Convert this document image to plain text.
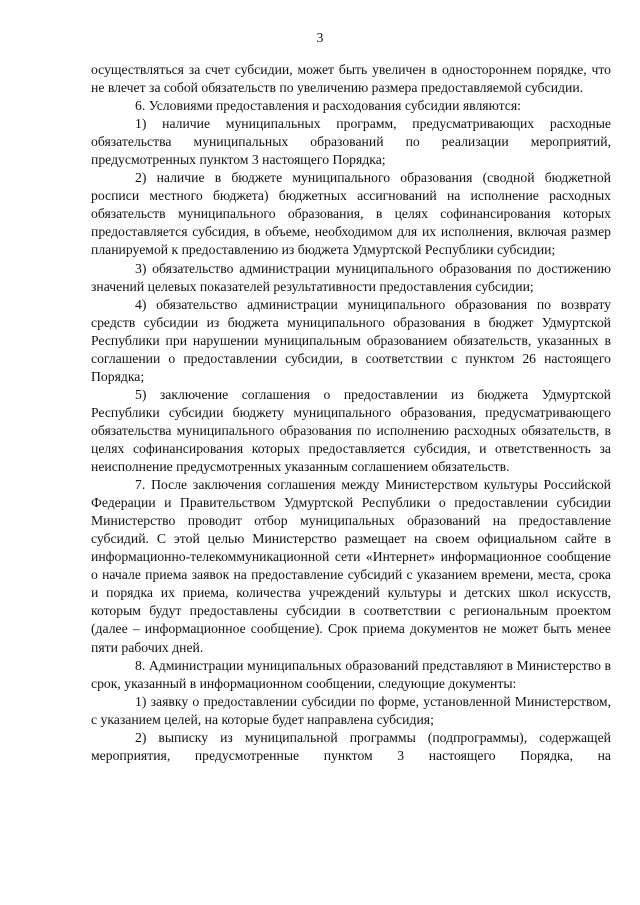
3

осуществляться за счет субсидии, может быть увеличен в одностороннем порядке, что не влечет за собой обязательств по увеличению размера предоставляемой субсидии.

6. Условиями предоставления и расходования субсидии являются:

1) наличие муниципальных программ, предусматривающих расходные обязательства муниципальных образований по реализации мероприятий, предусмотренных пунктом 3 настоящего Порядка;

2) наличие в бюджете муниципального образования (сводной бюджетной росписи местного бюджета) бюджетных ассигнований на исполнение расходных обязательств муниципального образования, в целях софинансирования которых предоставляется субсидия, в объеме, необходимом для их исполнения, включая размер планируемой к предоставлению из бюджета Удмуртской Республики субсидии;

3) обязательство администрации муниципального образования по достижению значений целевых показателей результативности предоставления субсидии;

4) обязательство администрации муниципального образования по возврату средств субсидии из бюджета муниципального образования в бюджет Удмуртской Республики при нарушении муниципальным образованием обязательств, указанных в соглашении о предоставлении субсидии, в соответствии с пунктом 26 настоящего Порядка;

5) заключение соглашения о предоставлении из бюджета Удмуртской Республики субсидии бюджету муниципального образования, предусматривающего обязательства муниципального образования по исполнению расходных обязательств, в целях софинансирования которых предоставляется субсидия, и ответственность за неисполнение предусмотренных указанным соглашением обязательств.

7. После заключения соглашения между Министерством культуры Российской Федерации и Правительством Удмуртской Республики о предоставлении субсидии Министерство проводит отбор муниципальных образований на предоставление субсидий. С этой целью Министерство размещает на своем официальном сайте в информационно-телекоммуникационной сети «Интернет» информационное сообщение о начале приема заявок на предоставление субсидий с указанием времени, места, срока и порядка их приема, количества учреждений культуры и детских школ искусств, которым будут предоставлены субсидии в соответствии с региональным проектом (далее – информационное сообщение). Срок приема документов не может быть менее пяти рабочих дней.

8. Администрации муниципальных образований представляют в Министерство в срок, указанный в информационном сообщении, следующие документы:

1) заявку о предоставлении субсидии по форме, установленной Министерством, с указанием целей, на которые будет направлена субсидия;

2) выписку из муниципальной программы (подпрограммы), содержащей мероприятия, предусмотренные пунктом 3 настоящего Порядка, на
